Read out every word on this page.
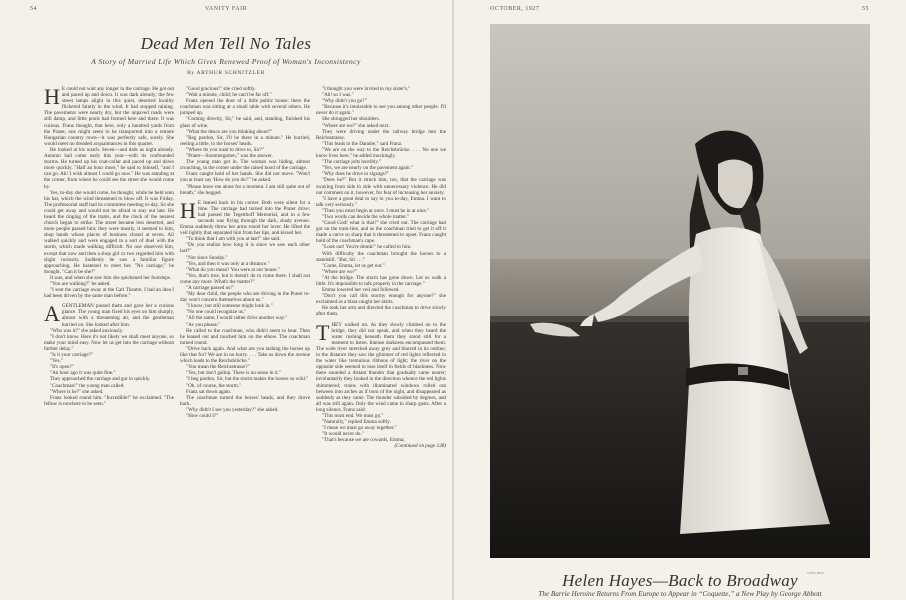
54	VANITY FAIR
Dead Men Tell No Tales
A Story of Married Life Which Gives Renewed Proof of Woman's Inconsistency
By ARTHUR SCHNITZLER

H E could not wait any longer in the carriage. He got out and paced up and down. It was dark already; the few street lamps alight in this quiet, deserted locality flickered faintly in the wind. It had stopped raining. The pavements were nearly dry, but the unpaved roads were still damp, and little pools had formed here and there. It was curious. Franz thought, that here, only a hundred yards from the Prater, one might seem to be transported into a remote Hungarian country town—it was perfectly safe, surely. She would meet no dreaded acquaintances in this quarter.

He looked at his watch. Seven—and dark as night already. Autumn had come early this year—with its confounded storms. He turned up his coat-collar and paced up and down more quickly. "Half an hour more," he said to himself, "and I can go. Ah! I wish almost I could go now." He was standing at the corner, from where he could see the street she would come by.

Yes, to-day she would come, he thought, while he held unto his hat, which the wind threatened to blow off. It was Friday. The professorial staff had its committee meeting to-day. So she could get away and would not be afraid to stay out late. He heard the ringing of the trams, and the clock of the nearest church began to strike. The street became less deserted, and more people passed him; they were mostly, it seemed to him, shop hands whose places of business closed at seven. All walked quickly and were engaged in a sort of duel with the storm, which made walking difficult. No one observed him, except that now and then a shop girl or two regarded him with slight curiosity. Suddenly he saw a familiar figure approaching. He hastened to meet her. "No carriage," he thought. "Can it be she?"

It was, and when she saw him she quickened her footsteps.

"You are walking?" he asked.

"I sent the carriage away at the Carl Theatre. I had an idea I had been driven by the same man before."

AGENTLEMAN passed them and gave her a curious glance. The young man fixed his eyes on him sharply, almost with a threatening air, and the gentleman hurried on. She looked after him.

"Who was it?" she asked anxiously.

"I don't know. Here it's not likely we shall meet anyone, so make your mind easy. Now let us get into the carriage without further delay."

"Is it your carriage?"

"Yes."

"It's open?"

"An hour ago it was quite fine."

They approached the carriage and got in quickly.

"Coachman!" the young man called.

"Where is he?" she asked.

Franz looked round him. "Incredible!" he exclaimed. "The fellow is nowhere to be seen."

"Good gracious!" she cried softly.

"Wait a minute, child; he can't be far off."

Franz opened the door of a little public house; there the coachman was sitting at a small table with several others. He jumped up.

"Coming directly, Sir," he said, and, standing, finished his glass of wine.

"What the deuce are you thinking about?"

"Beg pardon, Sir, I'll be there in a minute." He hurried, reeling a little, to the horses' heads.

"Where do you want to drive to, Sir?"

"Prater—Sommergarten," was the answer.

The young man got in. The woman was hiding, almost crouching, in the corner under the raised hood of the carriage.

Franz caught hold of her hands. She did not move. "Won't you at least say 'How do you do?'" he asked.

"Please leave me alone for a moment. I am still quite out of breath," she begged.

H E leaned back in his corner. Both were silent for a time. The carriage had turned into the Prater drive; had passed the Tegetthoff Memorial, and in a few seconds was flying through the dark, shady avenue. Emma suddenly threw her arms round her lover. He lifted the veil lightly that separated him from her lips, and kissed her.

"To think that I am with you at last!" she said.

"Do you realize how long it is since we saw each other last?"

"Not since Sunday."

"Yes, and then it was only at a distance."

"What do you mean? You were at our house."

"Yes, that's true, but it doesn't do to come there. I shall not come any more. What's the matter?"

"A carriage passed us!"

"My dear child, the people who are driving in the Prater to-day won't concern themselves about us."

"I know; but still someone might look in."

"No one could recognize us."

"All the same, I would rather drive another way."

"As you please."

He called to the coachman, who didn't seem to hear. Then he leaned out and touched him on the elbow. The coachman turned round.

"Drive back again. And what are you lashing the horses up like that for? We are in no hurry. . . . Take us down the avenue which leads to the Reichsbrücke."

"You mean the Reichsstrasse?"

"Yes, but don't gallop. There is no sense in it."

"I beg pardon, Sir, but the storm makes the horses so wild."

"Oh, of course, the storm."

Franz sat down again.

The coachman turned the horses' heads, and they drove back.

"Why didn't I see you yesterday?" she asked.

"How could I?"

"I thought you were invited to my sister's."

"Ah! so I was."

"Why didn't you go?"

"Because it's intolerable to see you among other people. I'll never do it again."

She shrugged her shoulders.

"Where are we?" she asked next.

They were driving under the railway bridge into the Reichsstrasse.

"This leads to the Danube," said Franz.

"We are on the way to the Reichsbrücke. . . . No one we know lives here," he added mockingly.

"The carriage jolts horribly."

"Yes, we are nearly on the pavement again."

"Why does he drive in zigzags?"

"Does he?" But it struck him, too, that the carriage was swaying from side to side with unnecessary violence. He did not comment on it, however, for fear of increasing her anxiety.

"I have a great deal to say to you to-day, Emma. I want to talk very seriously."

"Then you must begin at once. I must be in at nine."

"Two words can decide the whole matter."

"Good God! what is that?" she cried out. The carriage had got on the tram-line, and as the coachman tried to get it off it made a curve so sharp that it threatened to upset. Franz caught hold of the coachman's cape.

"Look out! You're drunk!" he called to him.

With difficulty the coachman brought the horses to a standstill. "But, Sir . . ."

"Come, Emma, let us get out."

"Where are we?"

"At the bridge. The storm has gone down. Let us walk a little. It's impossible to talk properly in the carriage."

Emma lowered her veil and followed.

"Don't you call this stormy enough for anyone?" she exclaimed as a blast caught her skirts.

He took her arm and directed the coachman to drive slowly after them.

THEY walked on. As they slowly climbed on to the bridge, they did not speak, and when they heard the water rushing beneath them they stood still for a moment to listen. Intense darkness encompassed them. The wide river stretched away grey and blurred in its outline; in the distance they saw the glimmer of red lights reflected in the water like tremulous ribbons of light; the river on the opposite side seemed to lose itself in fields of blackness. Now there sounded a distant thunder that gradually came nearer; involuntarily they looked in the direction whence the red lights shimmered; trains with illuminated windows rolled out between iron arches as if born of the night, and disappeared as suddenly as they came. The thunder subsided by degrees, and all was still again. Only the wind came in sharp gusts. After a long silence, Franz said:

"This must end. We must go."

"Naturally," replied Emma softly.

"I mean we must go away together."

"It would never do."

"That's because we are cowards, Emma;

(Continued on page 138)

OCTOBER, 1927	55
STEICHEN
Helen Hayes—Back to Broadway
The Barrie Heroine Returns From Europe to Appear in “Coquette,” a New Play by George Abbott
